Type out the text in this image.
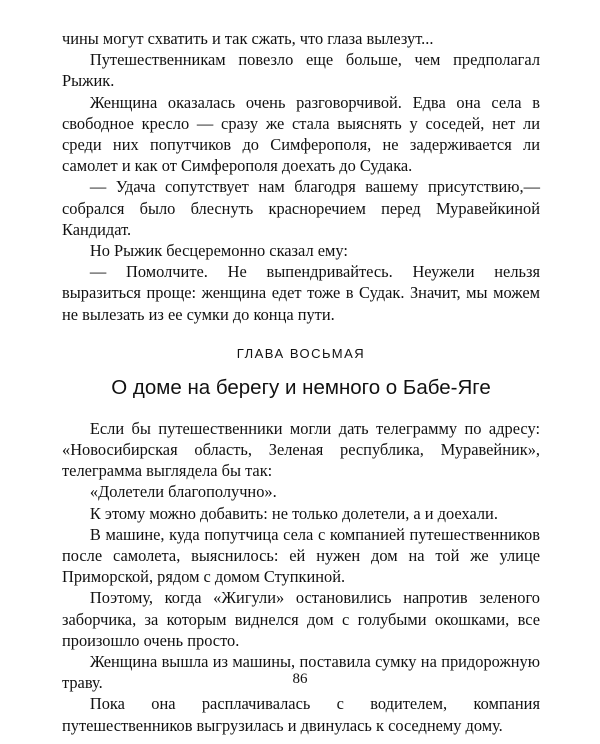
чины могут схватить и так сжать, что глаза вылезут...

Путешественникам повезло еще больше, чем предполагал Рыжик.

Женщина оказалась очень разговорчивой. Едва она села в свободное кресло — сразу же стала выяснять у соседей, нет ли среди них попутчиков до Симферополя, не задерживается ли самолет и как от Симферополя доехать до Судака.

— Удача сопутствует нам благодря вашему присутствию,— собрался было блеснуть красноречием перед Муравейкиной Кандидат.

Но Рыжик бесцеремонно сказал ему:

— Помолчите. Не выпендривайтесь. Неужели нельзя выразиться проще: женщина едет тоже в Судак. Значит, мы можем не вылезать из ее сумки до конца пути.

ГЛАВА ВОСЬМАЯ
О доме на берегу и немного о Бабе-Яге

Если бы путешественники могли дать телеграмму по адресу: «Новосибирская область, Зеленая республика, Муравейник», телеграмма выглядела бы так:

«Долетели благополучно».

К этому можно добавить: не только долетели, а и доехали.

В машине, куда попутчица села с компанией путешественников после самолета, выяснилось: ей нужен дом на той же улице Приморской, рядом с домом Ступкиной.

Поэтому, когда «Жигули» остановились напротив зеленого заборчика, за которым виднелся дом с голубыми окошками, все произошло очень просто.

Женщина вышла из машины, поставила сумку на придорожную траву.

Пока она расплачивалась с водителем, компания путешественников выгрузилась и двинулась к соседнему дому.

86
